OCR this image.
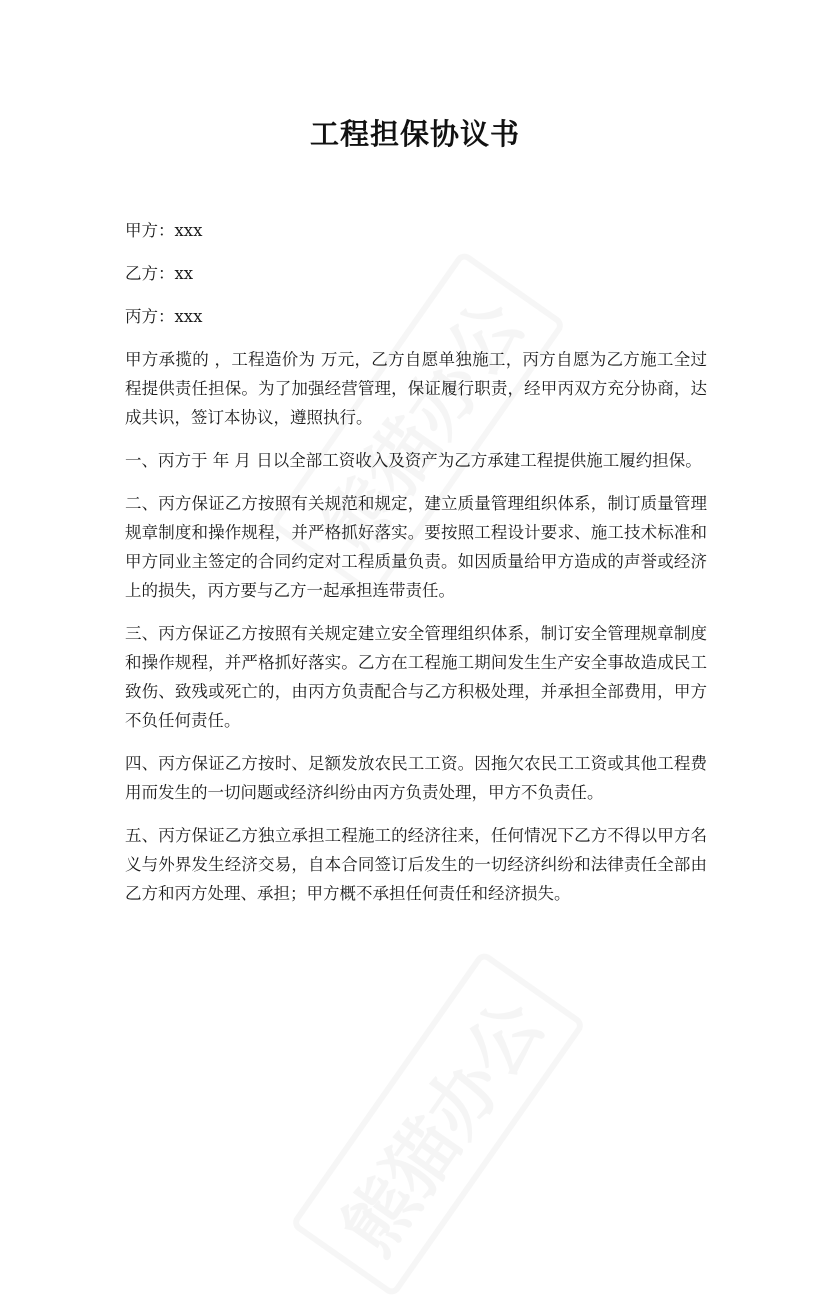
工程担保协议书

甲方：xxx

乙方：xx

丙方：xxx

甲方承揽的 ，工程造价为 万元，乙方自愿单独施工，丙方自愿为乙方施工全过程提供责任担保。为了加强经营管理，保证履行职责，经甲丙双方充分协商，达成共识，签订本协议，遵照执行。

一、丙方于 年 月 日以全部工资收入及资产为乙方承建工程提供施工履约担保。

二、丙方保证乙方按照有关规范和规定，建立质量管理组织体系，制订质量管理规章制度和操作规程，并严格抓好落实。要按照工程设计要求、施工技术标准和甲方同业主签定的合同约定对工程质量负责。如因质量给甲方造成的声誉或经济上的损失，丙方要与乙方一起承担连带责任。

三、丙方保证乙方按照有关规定建立安全管理组织体系，制订安全管理规章制度和操作规程，并严格抓好落实。乙方在工程施工期间发生生产安全事故造成民工致伤、致残或死亡的，由丙方负责配合与乙方积极处理，并承担全部费用，甲方不负任何责任。

四、丙方保证乙方按时、足额发放农民工工资。因拖欠农民工工资或其他工程费用而发生的一切问题或经济纠纷由丙方负责处理，甲方不负责任。

五、丙方保证乙方独立承担工程施工的经济往来，任何情况下乙方不得以甲方名义与外界发生经济交易，自本合同签订后发生的一切经济纠纷和法律责任全部由乙方和丙方处理、承担；甲方概不承担任何责任和经济损失。
